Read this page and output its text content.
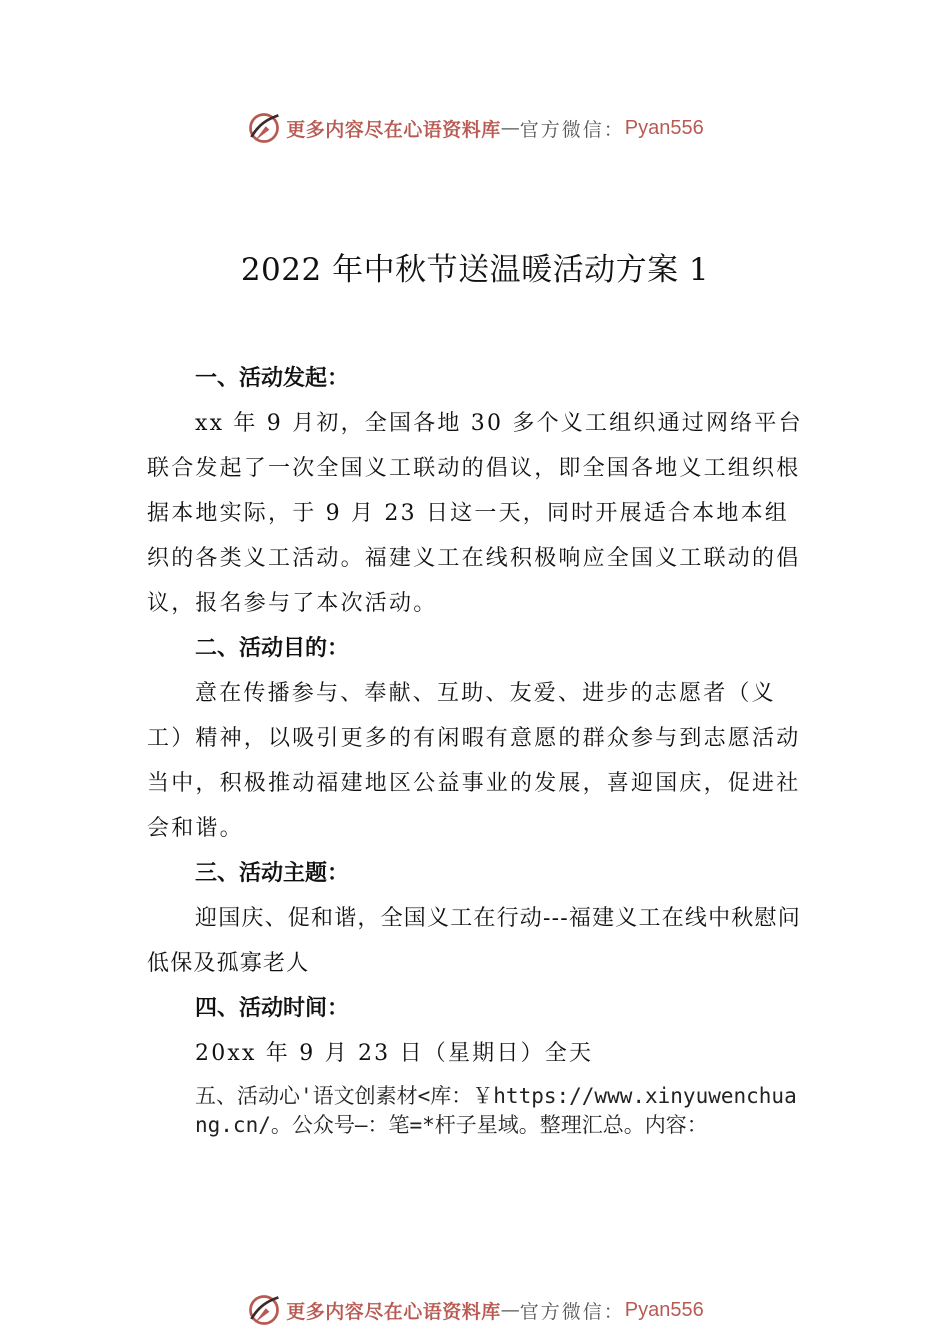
更多内容尽在心语资料库 — 官方微信： Pyan556
2022 年中秋节送温暖活动方案 1
一、活动发起：

xx 年 9 月初，全国各地 30 多个义工组织通过网络平台联合发起了一次全国义工联动的倡议，即全国各地义工组织根据本地实际，于 9 月 23 日这一天，同时开展适合本地本组织的各类义工活动。福建义工在线积极响应全国义工联动的倡议，报名参与了本次活动。

二、活动目的：

意在传播参与、奉献、互助、友爱、进步的志愿者（义工）精神，以吸引更多的有闲暇有意愿的群众参与到志愿活动当中，积极推动福建地区公益事业的发展，喜迎国庆，促进社会和谐。

三、活动主题：

迎国庆、促和谐，全国义工在行动---福建义工在线中秋慰问低保及孤寡老人

四、活动时间：

20xx 年 9 月 23 日（星期日）全天

五、活动心'语文创素材<库：￥https://www.xinyuwenchuang.cn/。公众号—：笔=*杆子星域。整理汇总。内容：
更多内容尽在心语资料库 — 官方微信： Pyan556
